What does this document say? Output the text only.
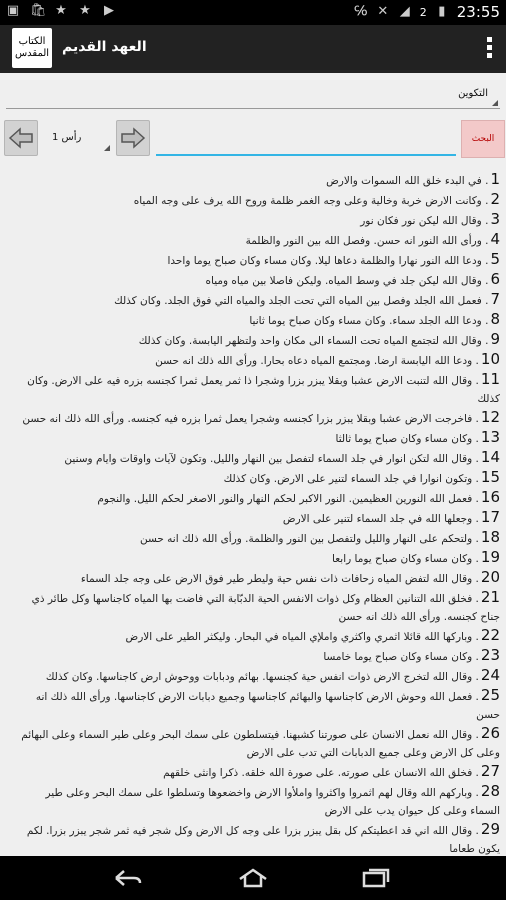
▣ 🛍 ★ ★ ▶	℅ ✕ ◢ 2 ▮ 23:55
الكتاب
المقدس العهد القديم
التكوين
رأس 1	البحث
1. في البدء خلق الله السموات والارض
2. وكانت الارض خربة وخالية وعلى وجه الغمر ظلمة وروح الله يرف على وجه المياه
3. وقال الله ليكن نور فكان نور
4. ورأى الله النور انه حسن. وفصل الله بين النور والظلمة
5. ودعا الله النور نهارا والظلمة دعاها ليلا. وكان مساء وكان صباح يوما واحدا
6. وقال الله ليكن جلد في وسط المياه. وليكن فاصلا بين مياه ومياه
7. فعمل الله الجلد وفصل بين المياه التي تحت الجلد والمياه التي فوق الجلد. وكان كذلك
8. ودعا الله الجلد سماء. وكان مساء وكان صباح يوما ثانيا
9. وقال الله لتجتمع المياه تحت السماء الى مكان واحد ولتظهر اليابسة. وكان كذلك
10. ودعا الله اليابسة ارضا. ومجتمع المياه دعاه بحارا. ورأى الله ذلك انه حسن
11. وقال الله لتنبت الارض عشبا وبقلا يبزر بزرا وشجرا ذا ثمر يعمل ثمرا كجنسه بزره فيه على الارض. وكان كذلك
12. فاخرجت الارض عشبا وبقلا يبزر بزرا كجنسه وشجرا يعمل ثمرا بزره فيه كجنسه. ورأى الله ذلك انه حسن
13. وكان مساء وكان صباح يوما ثالثا
14. وقال الله لتكن انوار في جلد السماء لتفصل بين النهار والليل. وتكون لآيات واوقات وايام وسنين
15. وتكون انوارا في جلد السماء لتنير على الارض. وكان كذلك
16. فعمل الله النورين العظيمين. النور الاكبر لحكم النهار والنور الاصغر لحكم الليل. والنجوم
17. وجعلها الله في جلد السماء لتنير على الارض
18. ولتحكم على النهار والليل ولتفصل بين النور والظلمة. ورأى الله ذلك انه حسن
19. وكان مساء وكان صباح يوما رابعا
20. وقال الله لتفض المياه زحافات ذات نفس حية وليطر طير فوق الارض على وجه جلد السماء
21. فخلق الله التنانين العظام وكل ذوات الانفس الحية الدبّابة التي فاضت بها المياه كاجناسها وكل طائر ذي جناح كجنسه. ورأى الله ذلك انه حسن
22. وباركها الله قائلا اثمري واكثري واملإي المياه في البحار. وليكثر الطير على الارض
23. وكان مساء وكان صباح يوما خامسا
24. وقال الله لتخرج الارض ذوات انفس حية كجنسها. بهائم ودبابات ووحوش ارض كاجناسها. وكان كذلك
25. فعمل الله وحوش الارض كاجناسها والبهائم كاجناسها وجميع دبابات الارض كاجناسها. ورأى الله ذلك انه حسن
26. وقال الله نعمل الانسان على صورتنا كشبهنا. فيتسلطون على سمك البحر وعلى طير السماء وعلى البهائم وعلى كل الارض وعلى جميع الدبابات التي تدب على الارض
27. فخلق الله الانسان على صورته. على صورة الله خلقه. ذكرا وانثى خلقهم
28. وباركهم الله وقال لهم اثمروا واكثروا واملأوا الارض واخضعوها وتسلطوا على سمك البحر وعلى طير السماء وعلى كل حيوان يدب على الارض
29. وقال الله اني قد اعطيتكم كل بقل يبزر بزرا على وجه كل الارض وكل شجر فيه ثمر شجر يبزر بزرا. لكم يكون طعاما
